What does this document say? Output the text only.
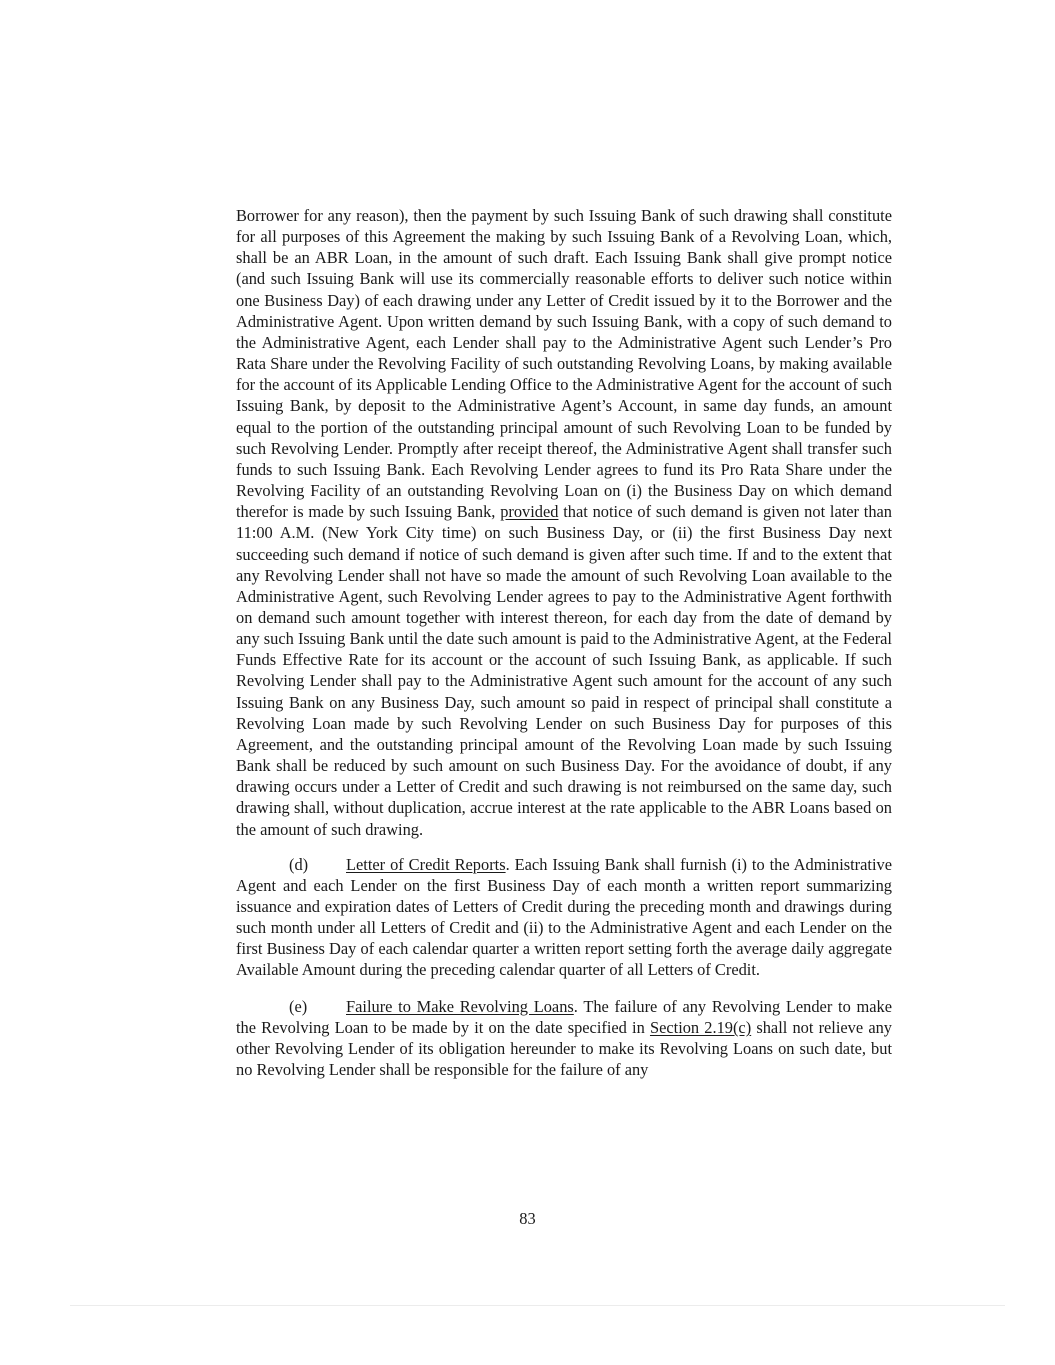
Borrower for any reason), then the payment by such Issuing Bank of such drawing shall constitute for all purposes of this Agreement the making by such Issuing Bank of a Revolving Loan, which, shall be an ABR Loan, in the amount of such draft. Each Issuing Bank shall give prompt notice (and such Issuing Bank will use its commercially reasonable efforts to deliver such notice within one Business Day) of each drawing under any Letter of Credit issued by it to the Borrower and the Administrative Agent. Upon written demand by such Issuing Bank, with a copy of such demand to the Administrative Agent, each Lender shall pay to the Administrative Agent such Lender’s Pro Rata Share under the Revolving Facility of such outstanding Revolving Loans, by making available for the account of its Applicable Lending Office to the Administrative Agent for the account of such Issuing Bank, by deposit to the Administrative Agent’s Account, in same day funds, an amount equal to the portion of the outstanding principal amount of such Revolving Loan to be funded by such Revolving Lender. Promptly after receipt thereof, the Administrative Agent shall transfer such funds to such Issuing Bank. Each Revolving Lender agrees to fund its Pro Rata Share under the Revolving Facility of an outstanding Revolving Loan on (i) the Business Day on which demand therefor is made by such Issuing Bank, provided that notice of such demand is given not later than 11:00 A.M. (New York City time) on such Business Day, or (ii) the first Business Day next succeeding such demand if notice of such demand is given after such time. If and to the extent that any Revolving Lender shall not have so made the amount of such Revolving Loan available to the Administrative Agent, such Revolving Lender agrees to pay to the Administrative Agent forthwith on demand such amount together with interest thereon, for each day from the date of demand by any such Issuing Bank until the date such amount is paid to the Administrative Agent, at the Federal Funds Effective Rate for its account or the account of such Issuing Bank, as applicable. If such Revolving Lender shall pay to the Administrative Agent such amount for the account of any such Issuing Bank on any Business Day, such amount so paid in respect of principal shall constitute a Revolving Loan made by such Revolving Lender on such Business Day for purposes of this Agreement, and the outstanding principal amount of the Revolving Loan made by such Issuing Bank shall be reduced by such amount on such Business Day. For the avoidance of doubt, if any drawing occurs under a Letter of Credit and such drawing is not reimbursed on the same day, such drawing shall, without duplication, accrue interest at the rate applicable to the ABR Loans based on the amount of such drawing.

(d) Letter of Credit Reports. Each Issuing Bank shall furnish (i) to the Administrative Agent and each Lender on the first Business Day of each month a written report summarizing issuance and expiration dates of Letters of Credit during the preceding month and drawings during such month under all Letters of Credit and (ii) to the Administrative Agent and each Lender on the first Business Day of each calendar quarter a written report setting forth the average daily aggregate Available Amount during the preceding calendar quarter of all Letters of Credit.

(e) Failure to Make Revolving Loans. The failure of any Revolving Lender to make the Revolving Loan to be made by it on the date specified in Section 2.19(c) shall not relieve any other Revolving Lender of its obligation hereunder to make its Revolving Loans on such date, but no Revolving Lender shall be responsible for the failure of any

83
